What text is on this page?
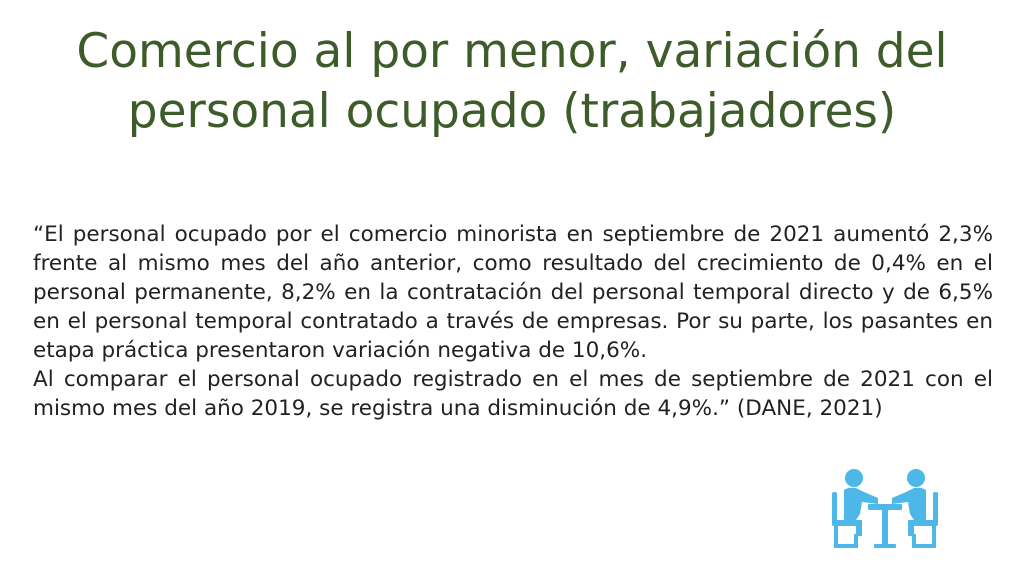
Comercio al por menor, variación del personal ocupado (trabajadores)

“El personal ocupado por el comercio minorista en septiembre de 2021 aumentó 2,3% frente al mismo mes del año anterior, como resultado del crecimiento de 0,4% en el personal permanente, 8,2% en la contratación del personal temporal directo y de 6,5% en el personal temporal contratado a través de empresas. Por su parte, los pasantes en etapa práctica presentaron variación negativa de 10,6%.

Al comparar el personal ocupado registrado en el mes de septiembre de 2021 con el mismo mes del año 2019, se registra una disminución de 4,9%.” (DANE, 2021)
